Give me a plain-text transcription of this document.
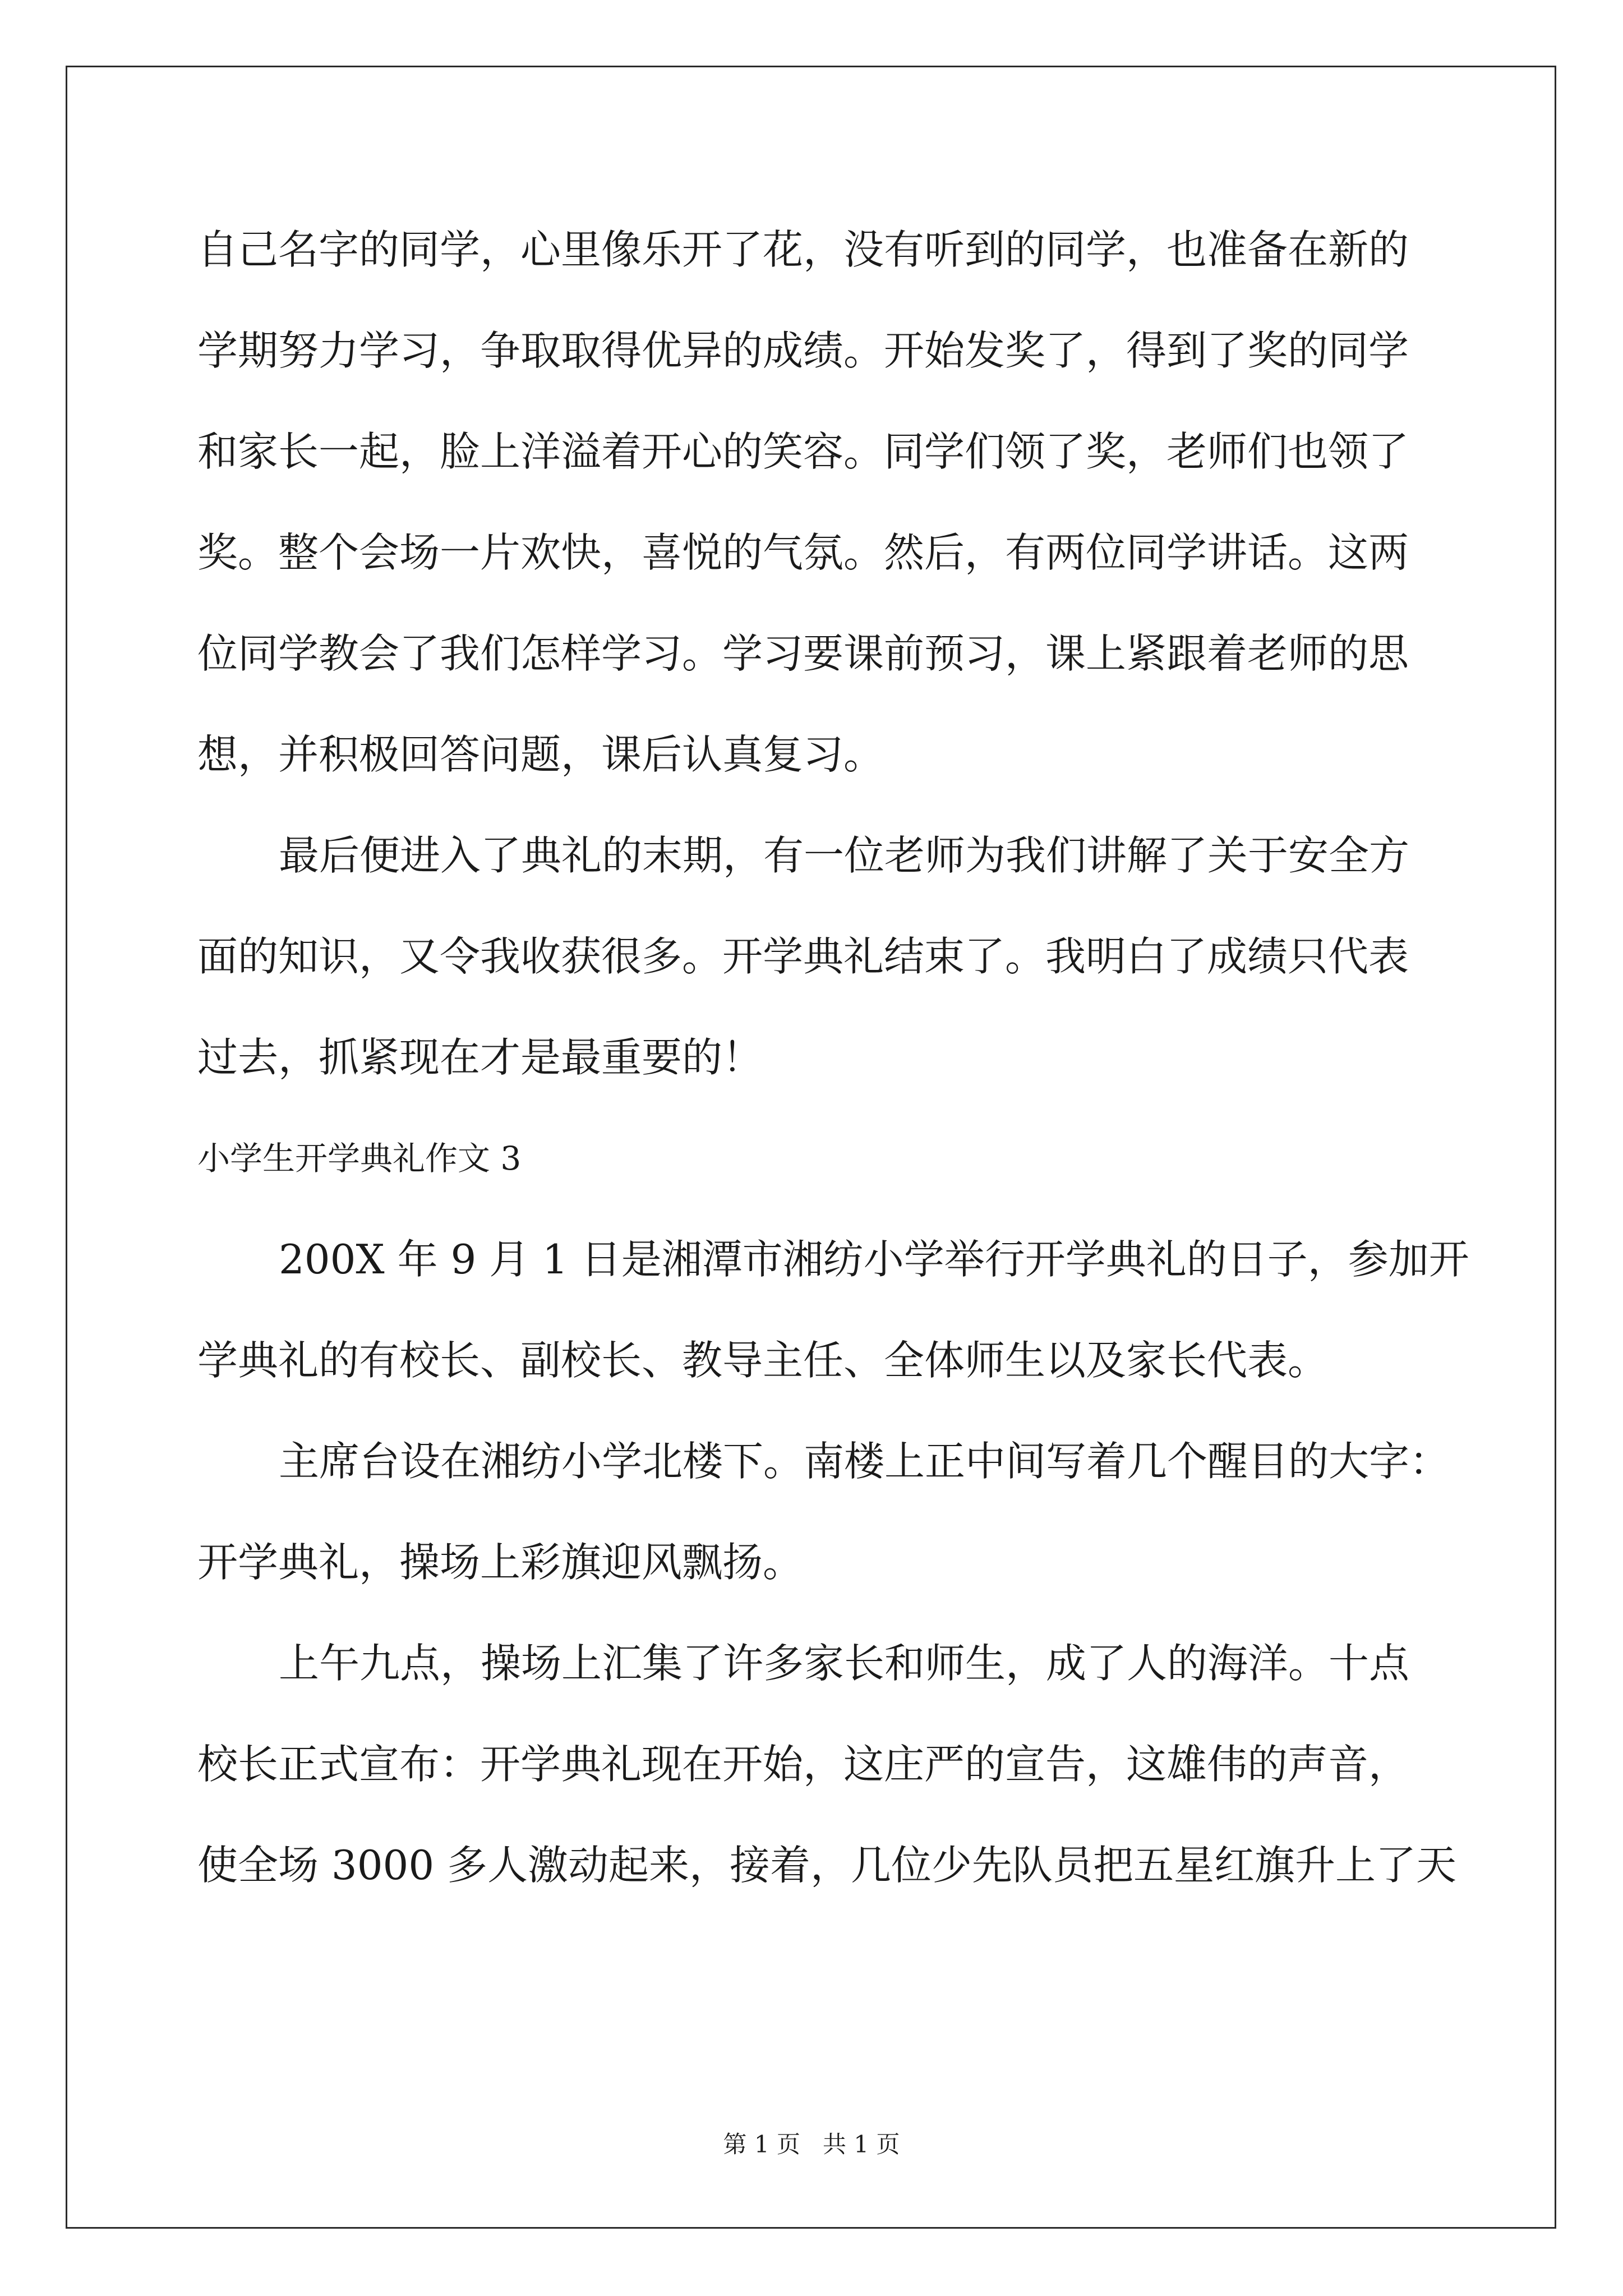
自己名字的同学，心里像乐开了花，没有听到的同学，也准备在新的
学期努力学习，争取取得优异的成绩。开始发奖了，得到了奖的同学
和家长一起，脸上洋溢着开心的笑容。同学们领了奖，老师们也领了
奖。整个会场一片欢快，喜悦的气氛。然后，有两位同学讲话。这两
位同学教会了我们怎样学习。学习要课前预习，课上紧跟着老师的思
想，并积极回答问题，课后认真复习。
最后便进入了典礼的末期，有一位老师为我们讲解了关于安全方
面的知识，又令我收获很多。开学典礼结束了。我明白了成绩只代表
过去，抓紧现在才是最重要的！
小学生开学典礼作文 3
200X 年 9 月 1 日是湘潭市湘纺小学举行开学典礼的日子，参加开
学典礼的有校长、副校长、教导主任、全体师生以及家长代表。
主席台设在湘纺小学北楼下。南楼上正中间写着几个醒目的大字：
开学典礼，操场上彩旗迎风飘扬。
上午九点，操场上汇集了许多家长和师生，成了人的海洋。十点
校长正式宣布：开学典礼现在开始，这庄严的宣告，这雄伟的声音，
使全场 3000 多人激动起来，接着，几位少先队员把五星红旗升上了天
第 1 页   共 1 页
